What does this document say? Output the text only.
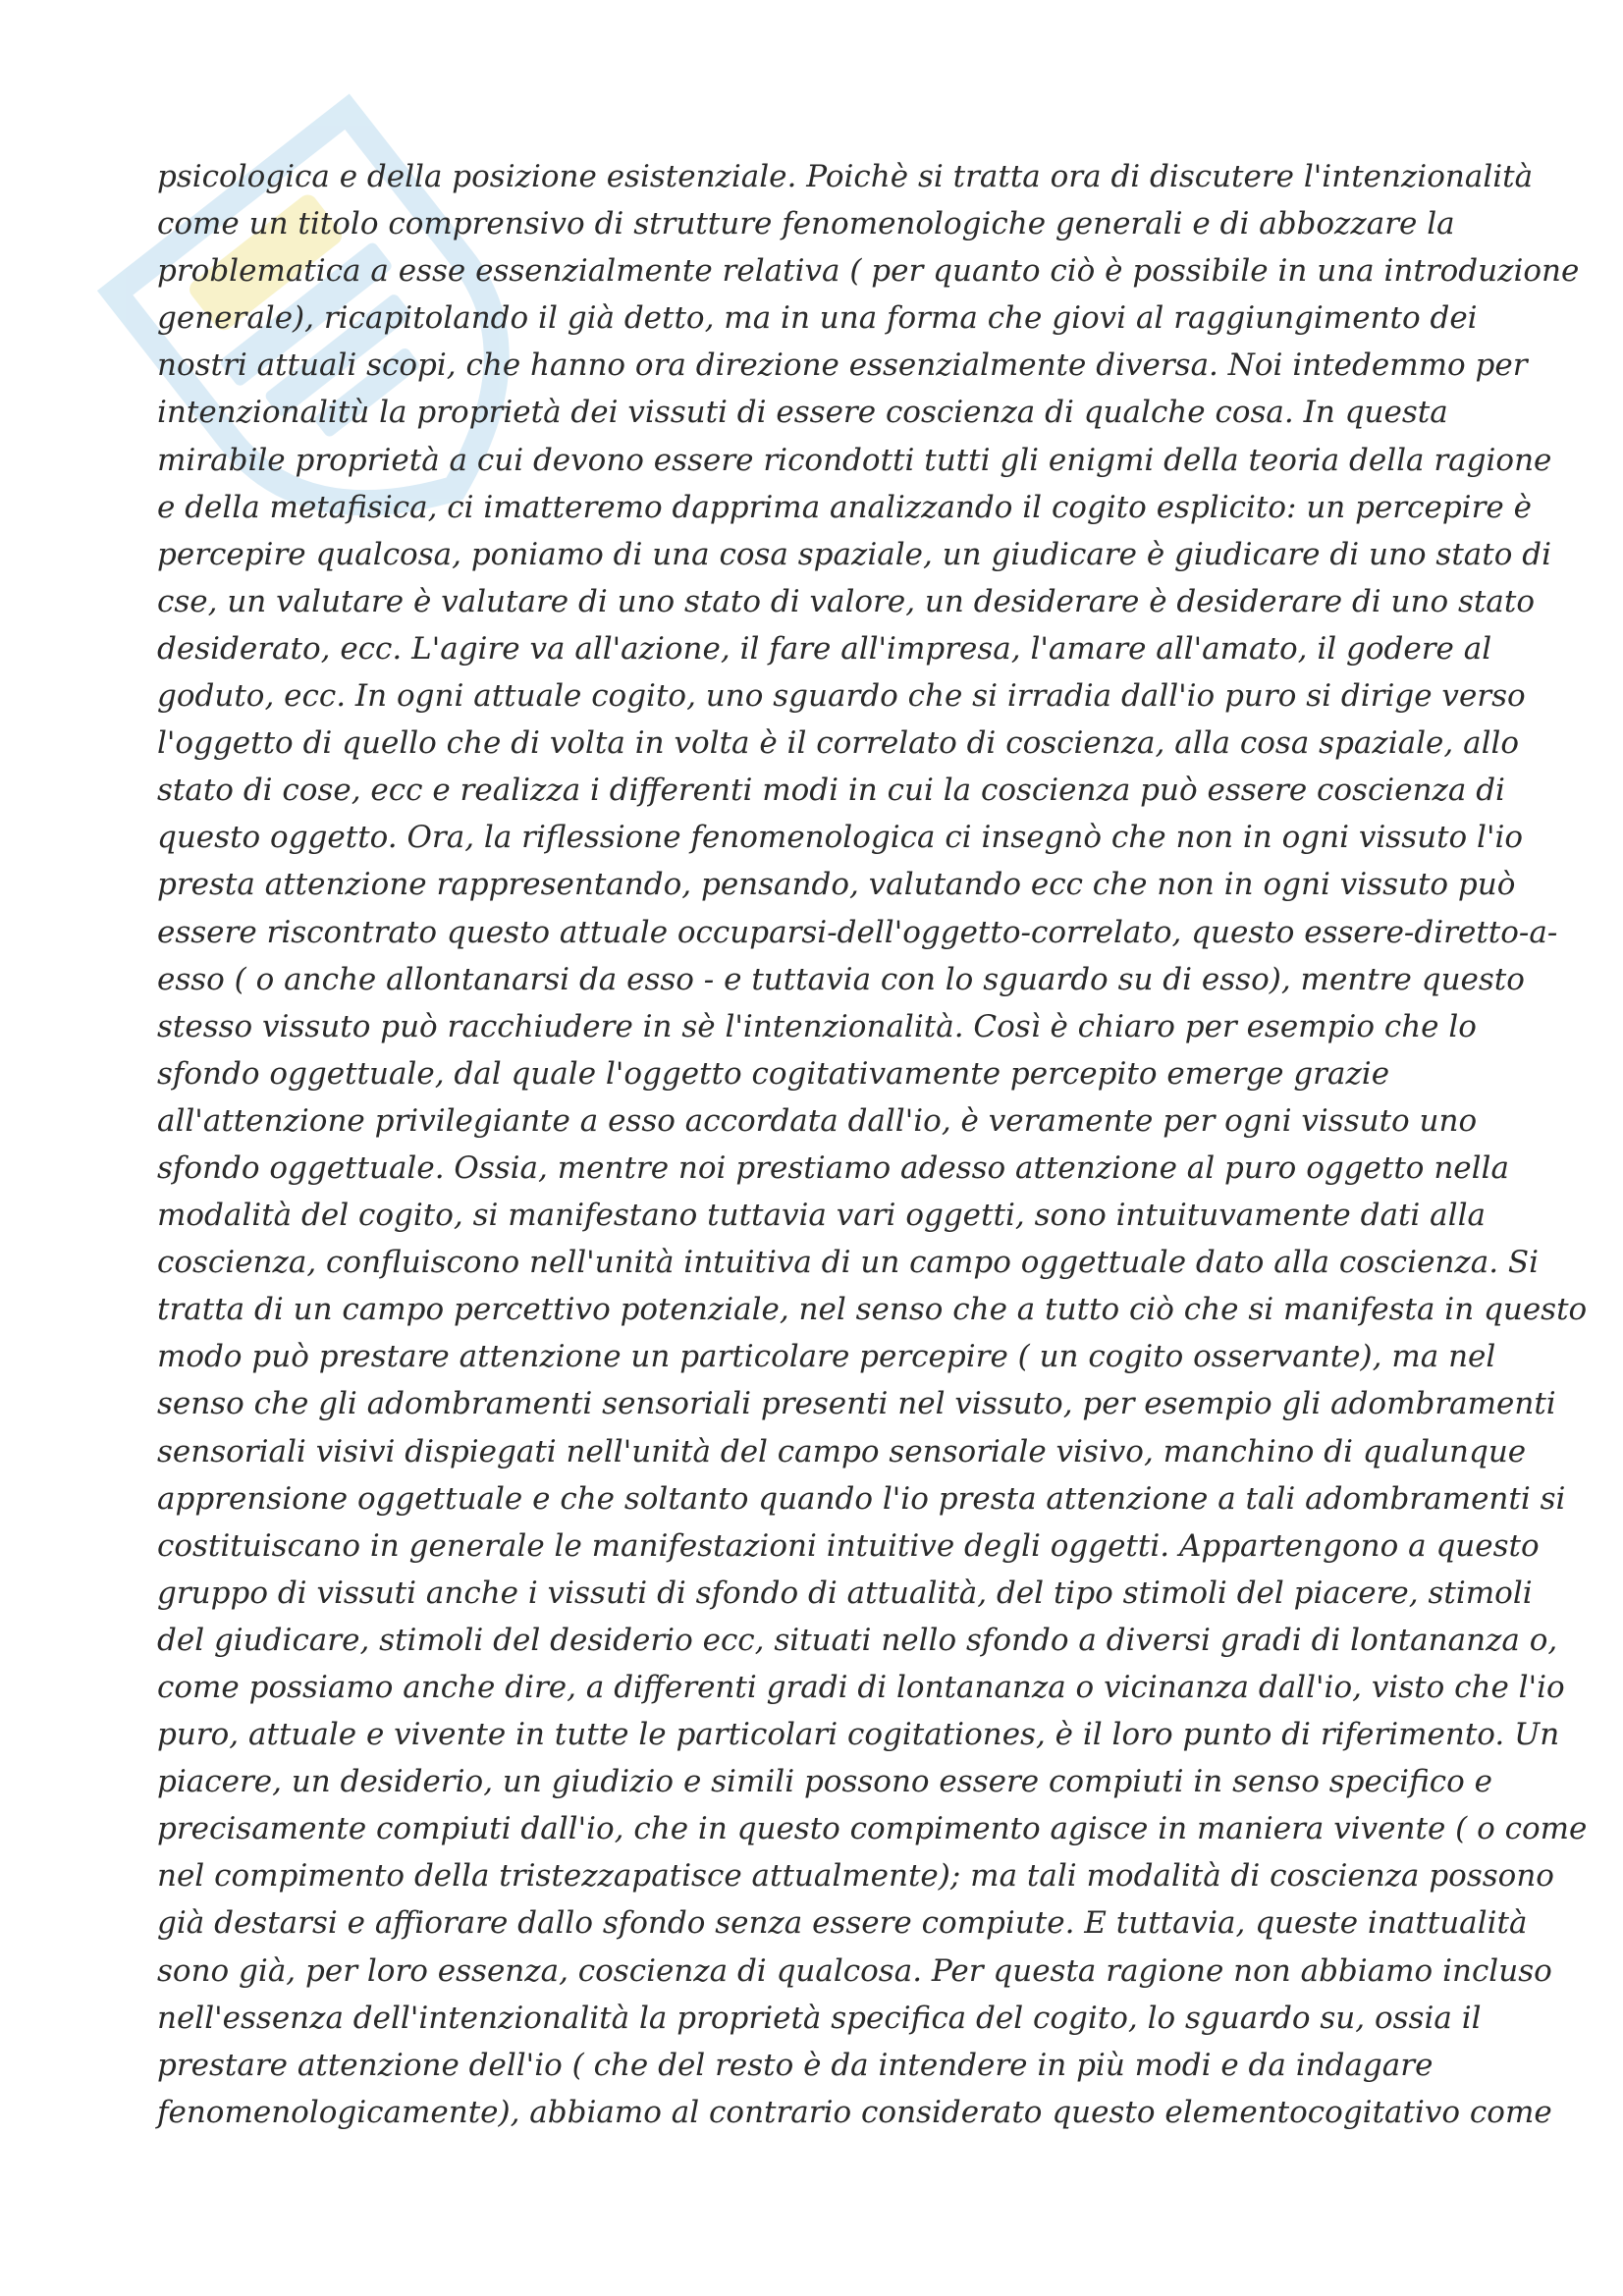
psicologica e della posizione esistenziale. Poichè si tratta ora di discutere l'intenzionalità
come un titolo comprensivo di strutture fenomenologiche generali e di abbozzare la
problematica a esse essenzialmente relativa ( per quanto ciò è possibile in una introduzione
generale), ricapitolando il già detto, ma in una forma che giovi al raggiungimento dei
nostri attuali scopi, che hanno ora direzione essenzialmente diversa. Noi intedemmo per
intenzionalitù la proprietà dei vissuti di essere coscienza di qualche cosa. In questa
mirabile proprietà a cui devono essere ricondotti tutti gli enigmi della teoria della ragione
e della metafisica, ci imatteremo dapprima analizzando il cogito esplicito: un percepire è
percepire qualcosa, poniamo di una cosa spaziale, un giudicare è giudicare di uno stato di
cse, un valutare è valutare di uno stato di valore, un desiderare è desiderare di uno stato
desiderato, ecc. L'agire va all'azione, il fare all'impresa, l'amare all'amato, il godere al
goduto, ecc. In ogni attuale cogito, uno sguardo che si irradia dall'io puro si dirige verso
l'oggetto di quello che di volta in volta è il correlato di coscienza, alla cosa spaziale, allo
stato di cose, ecc e realizza i differenti modi in cui la coscienza può essere coscienza di
questo oggetto. Ora, la riflessione fenomenologica ci insegnò che non in ogni vissuto l'io
presta attenzione rappresentando, pensando, valutando ecc che non in ogni vissuto può
essere riscontrato questo attuale occuparsi-dell'oggetto-correlato, questo essere-diretto-a-
esso ( o anche allontanarsi da esso - e tuttavia con lo sguardo su di esso), mentre questo
stesso vissuto può racchiudere in sè l'intenzionalità. Così è chiaro per esempio che lo
sfondo oggettuale, dal quale l'oggetto cogitativamente percepito emerge grazie
all'attenzione privilegiante a esso accordata dall'io, è veramente per ogni vissuto uno
sfondo oggettuale. Ossia, mentre noi prestiamo adesso attenzione al puro oggetto nella
modalità del cogito, si manifestano tuttavia vari oggetti, sono intuituvamente dati alla
coscienza, confluiscono nell'unità intuitiva di un campo oggettuale dato alla coscienza. Si
tratta di un campo percettivo potenziale, nel senso che a tutto ciò che si manifesta in questo
modo può prestare attenzione un particolare percepire ( un cogito osservante), ma nel
senso che gli adombramenti sensoriali presenti nel vissuto, per esempio gli adombramenti
sensoriali visivi dispiegati nell'unità del campo sensoriale visivo, manchino di qualunque
apprensione oggettuale e che soltanto quando l'io presta attenzione a tali adombramenti si
costituiscano in generale le manifestazioni intuitive degli oggetti. Appartengono a questo
gruppo di vissuti anche i vissuti di sfondo di attualità, del tipo stimoli del piacere, stimoli
del giudicare, stimoli del desiderio ecc, situati nello sfondo a diversi gradi di lontananza o,
come possiamo anche dire, a differenti gradi di lontananza o vicinanza dall'io, visto che l'io
puro, attuale e vivente in tutte le particolari cogitationes, è il loro punto di riferimento. Un
piacere, un desiderio, un giudizio e simili possono essere compiuti in senso specifico e
precisamente compiuti dall'io, che in questo compimento agisce in maniera vivente ( o come
nel compimento della tristezzapatisce attualmente); ma tali modalità di coscienza possono
già destarsi e affiorare dallo sfondo senza essere compiute. E tuttavia, queste inattualità
sono già, per loro essenza, coscienza di qualcosa. Per questa ragione non abbiamo incluso
nell'essenza dell'intenzionalità la proprietà specifica del cogito, lo sguardo su, ossia il
prestare attenzione dell'io ( che del resto è da intendere in più modi e da indagare
fenomenologicamente), abbiamo al contrario considerato questo elementocogitativo come
